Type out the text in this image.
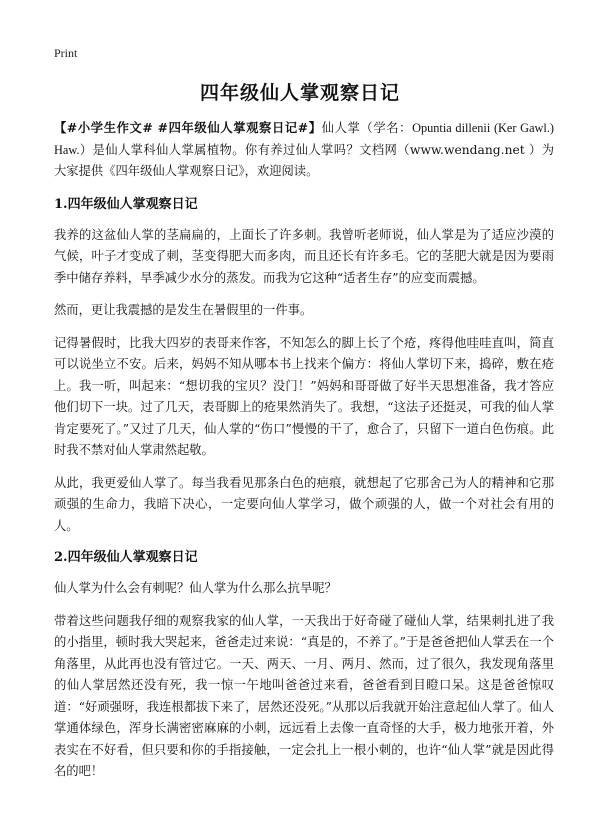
Print
四年级仙人掌观察日记

【#小学生作文# #四年级仙人掌观察日记#】仙人掌（学名：Opuntia dillenii (Ker Gawl.) Haw.）是仙人掌科仙人掌属植物。你有养过仙人掌吗？文档网（www.wendang.net ）为大家提供《四年级仙人掌观察日记》，欢迎阅读。

1.四年级仙人掌观察日记

我养的这盆仙人掌的茎扁扁的，上面长了许多刺。我曾听老师说，仙人掌是为了适应沙漠的气候，叶子才变成了刺，茎变得肥大而多肉，而且还长有许多毛。它的茎肥大就是因为要雨季中储存养料，旱季减少水分的蒸发。而我为它这种“适者生存”的应变而震撼。

然而，更让我震撼的是发生在暑假里的一件事。

记得暑假时，比我大四岁的表哥来作客，不知怎么的脚上长了个疮，疼得他哇哇直叫，简直可以说坐立不安。后来，妈妈不知从哪本书上找来个偏方：将仙人掌切下来，捣碎，敷在疮上。我一听，叫起来：“想切我的宝贝？没门！”妈妈和哥哥做了好半天思想准备，我才答应他们切下一块。过了几天，表哥脚上的疮果然消失了。我想，“这法子还挺灵，可我的仙人掌肯定要死了。”又过了几天，仙人掌的“伤口”慢慢的干了，愈合了，只留下一道白色伤痕。此时我不禁对仙人掌肃然起敬。

从此，我更爱仙人掌了。每当我看见那条白色的疤痕，就想起了它那舍己为人的精神和它那顽强的生命力，我暗下决心，一定要向仙人掌学习，做个顽强的人，做一个对社会有用的人。

2.四年级仙人掌观察日记

仙人掌为什么会有刺呢？仙人掌为什么那么抗旱呢？

带着这些问题我仔细的观察我家的仙人掌，一天我出于好奇碰了碰仙人掌，结果刺扎进了我的小指里，顿时我大哭起来，爸爸走过来说：“真是的，不养了。”于是爸爸把仙人掌丢在一个角落里，从此再也没有管过它。一天、两天、一月、两月、然而，过了很久，我发现角落里的仙人掌居然还没有死，我一惊一午地叫爸爸过来看，爸爸看到目瞪口呆。这是爸爸惊叹道：“好顽强呀，我连根都拔下来了，居然还没死。”从那以后我就开始注意起仙人掌了。仙人掌通体绿色，浑身长满密密麻麻的小刺，远远看上去像一直奇怪的大手，极力地张开着，外表实在不好看，但只要和你的手指接触，一定会扎上一根小刺的，也许“仙人掌”就是因此得名的吧！
